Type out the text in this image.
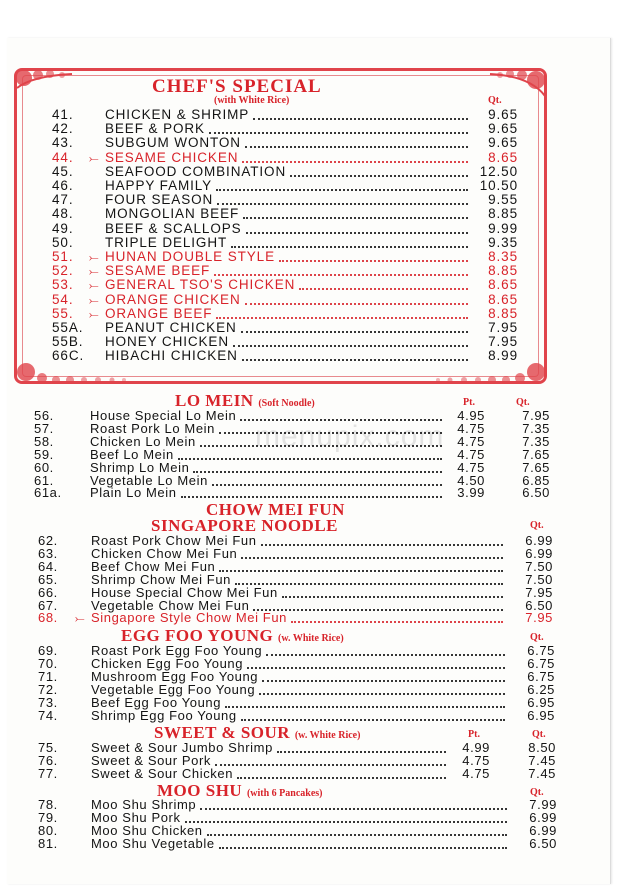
CHEF'S SPECIAL
(with White Rice)	Qt.
41. CHICKEN & SHRIMP	9.65
42. BEEF & PORK	9.65
43. SUBGUM WONTON	9.65
44. ⤚ SESAME CHICKEN	8.65
45. SEAFOOD COMBINATION	12.50
46. HAPPY FAMILY	10.50
47. FOUR SEASON	9.55
48. MONGOLIAN BEEF	8.85
49. BEEF & SCALLOPS	9.99
50. TRIPLE DELIGHT	9.35
51. ⤚ HUNAN DOUBLE STYLE	8.35
52. ⤚ SESAME BEEF	8.85
53. ⤚ GENERAL TSO'S CHICKEN	8.65
54. ⤚ ORANGE CHICKEN	8.65
55. ⤚ ORANGE BEEF	8.85
55A. PEANUT CHICKEN	7.95
55B. HONEY CHICKEN	7.95
66C. HIBACHI CHICKEN	8.99
menupix.com
LO MEIN (Soft Noodle)	Pt.	Qt.
56.	House Special Lo Mein	4.95	7.95
57.	Roast Pork Lo Mein	4.75	7.35
58.	Chicken Lo Mein	4.75	7.35
59.	Beef Lo Mein	4.75	7.65
60.	Shrimp Lo Mein	4.75	7.65
61.	Vegetable Lo Mein	4.50	6.85
61a. Plain Lo Mein	3.99	6.50
CHOW MEI FUN
SINGAPORE NOODLE	Qt.
62.	Roast Pork Chow Mei Fun	6.99
63.	Chicken Chow Mei Fun	6.99
64.	Beef Chow Mei Fun	7.50
65.	Shrimp Chow Mei Fun	7.50
66.	House Special Chow Mei Fun	7.95
67.	Vegetable Chow Mei Fun	6.50
68. ⤚ Singapore Style Chow Mei Fun	7.95
EGG FOO YOUNG (w. White Rice)	Qt.
69.	Roast Pork Egg Foo Young	6.75
70.	Chicken Egg Foo Young	6.75
71.	Mushroom Egg Foo Young	6.75
72.	Vegetable Egg Foo Young	6.25
73.	Beef Egg Foo Young	6.95
74.	Shrimp Egg Foo Young	6.95
SWEET & SOUR (w. White Rice)	Pt.	Qt.
75.	Sweet & Sour Jumbo Shrimp	4.99	8.50
76.	Sweet & Sour Pork	4.75	7.45
77.	Sweet & Sour Chicken	4.75	7.45
MOO SHU (with 6 Pancakes)	Qt.
78.	Moo Shu Shrimp	7.99
79.	Moo Shu Pork	6.99
80.	Moo Shu Chicken	6.99
81.	Moo Shu Vegetable	6.50
